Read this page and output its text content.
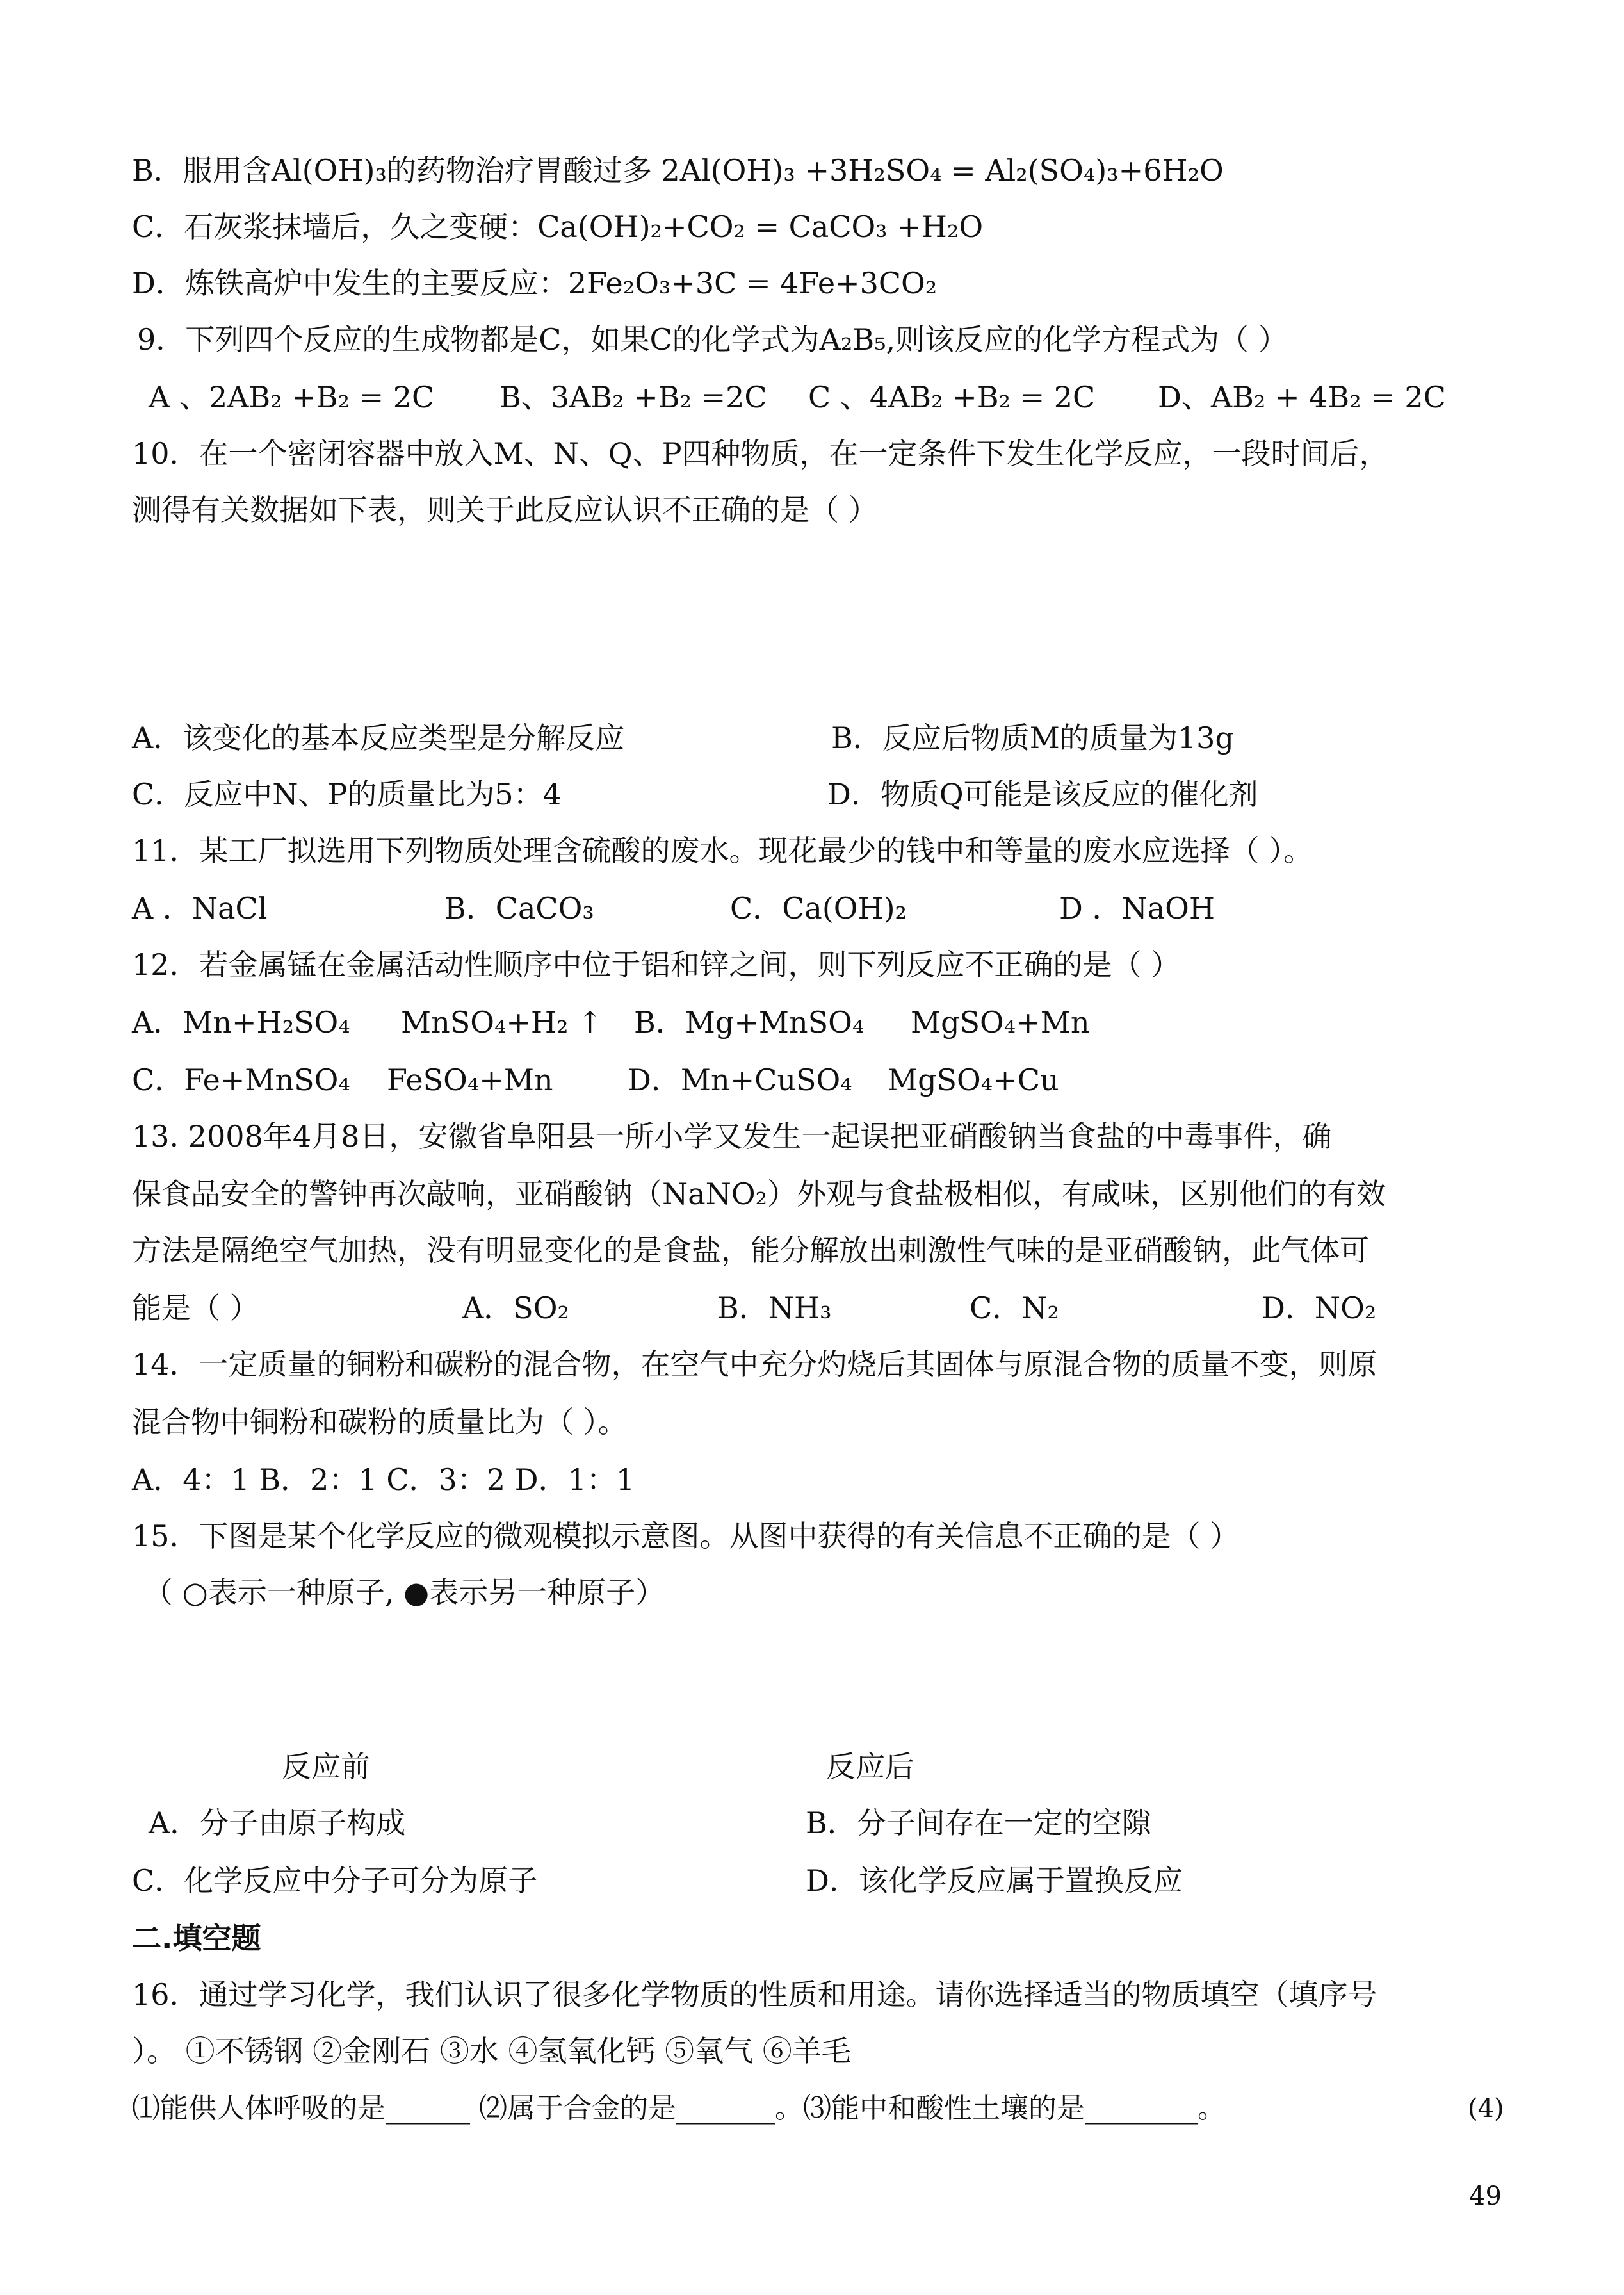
B．服用含Al(OH)₃的药物治疗胃酸过多 2Al(OH)₃ +3H₂SO₄ = Al₂(SO₄)₃+6H₂O
C．石灰浆抹墙后，久之变硬：Ca(OH)₂+CO₂ = CaCO₃ +H₂O
D．炼铁高炉中发生的主要反应：2Fe₂O₃+3C = 4Fe+3CO₂
9．下列四个反应的生成物都是C，如果C的化学式为A₂B₅,则该反应的化学方程式为（ ）
A 、2AB₂ +B₂ = 2C B、3AB₂ +B₂ =2C C 、4AB₂ +B₂ = 2C D、AB₂ + 4B₂ = 2C
10．在一个密闭容器中放入M、N、Q、P四种物质，在一定条件下发生化学反应，一段时间后，
测得有关数据如下表，则关于此反应认识不正确的是（ ）
A．该变化的基本反应类型是分解反应	B．反应后物质M的质量为13g
C．反应中N、P的质量比为5：4	D．物质Q可能是该反应的催化剂
11．某工厂拟选用下列物质处理含硫酸的废水。现花最少的钱中和等量的废水应选择（ ）。
A ．NaCl	B．CaCO₃	C．Ca(OH)₂	D ．NaOH
12．若金属锰在金属活动性顺序中位于铝和锌之间，则下列反应不正确的是（ ）
A．Mn+H₂SO₄ MnSO₄+H₂ ↑ B．Mg+MnSO₄ MgSO₄+Mn
C．Fe+MnSO₄ FeSO₄+Mn	D．Mn+CuSO₄ MgSO₄+Cu
13. 2008年4月8日，安徽省阜阳县一所小学又发生一起误把亚硝酸钠当食盐的中毒事件，确
保食品安全的警钟再次敲响，亚硝酸钠（NaNO₂）外观与食盐极相似，有咸味，区别他们的有效
方法是隔绝空气加热，没有明显变化的是食盐，能分解放出刺激性气味的是亚硝酸钠，此气体可
能是（ ）	A．SO₂	B．NH₃	C．N₂	D．NO₂
14．一定质量的铜粉和碳粉的混合物，在空气中充分灼烧后其固体与原混合物的质量不变，则原
混合物中铜粉和碳粉的质量比为（ ）。
A．4：1 B．2：1 C．3：2 D．1：1
15．下图是某个化学反应的微观模拟示意图。从图中获得的有关信息不正确的是（ ）
（ ○表示一种原子, ●表示另一种原子）
反应前	反应后
A．分子由原子构成	B．分子间存在一定的空隙
C．化学反应中分子可分为原子	D．该化学反应属于置换反应
二.填空题
16．通过学习化学，我们认识了很多化学物质的性质和用途。请你选择适当的物质填空（填序号
）。 ①不锈钢 ②金刚石 ③水 ④氢氧化钙 ⑤氧气 ⑥羊毛
⑴能供人体呼吸的是______ ⑵属于合金的是_______。⑶能中和酸性土壤的是________。	(4)
49
